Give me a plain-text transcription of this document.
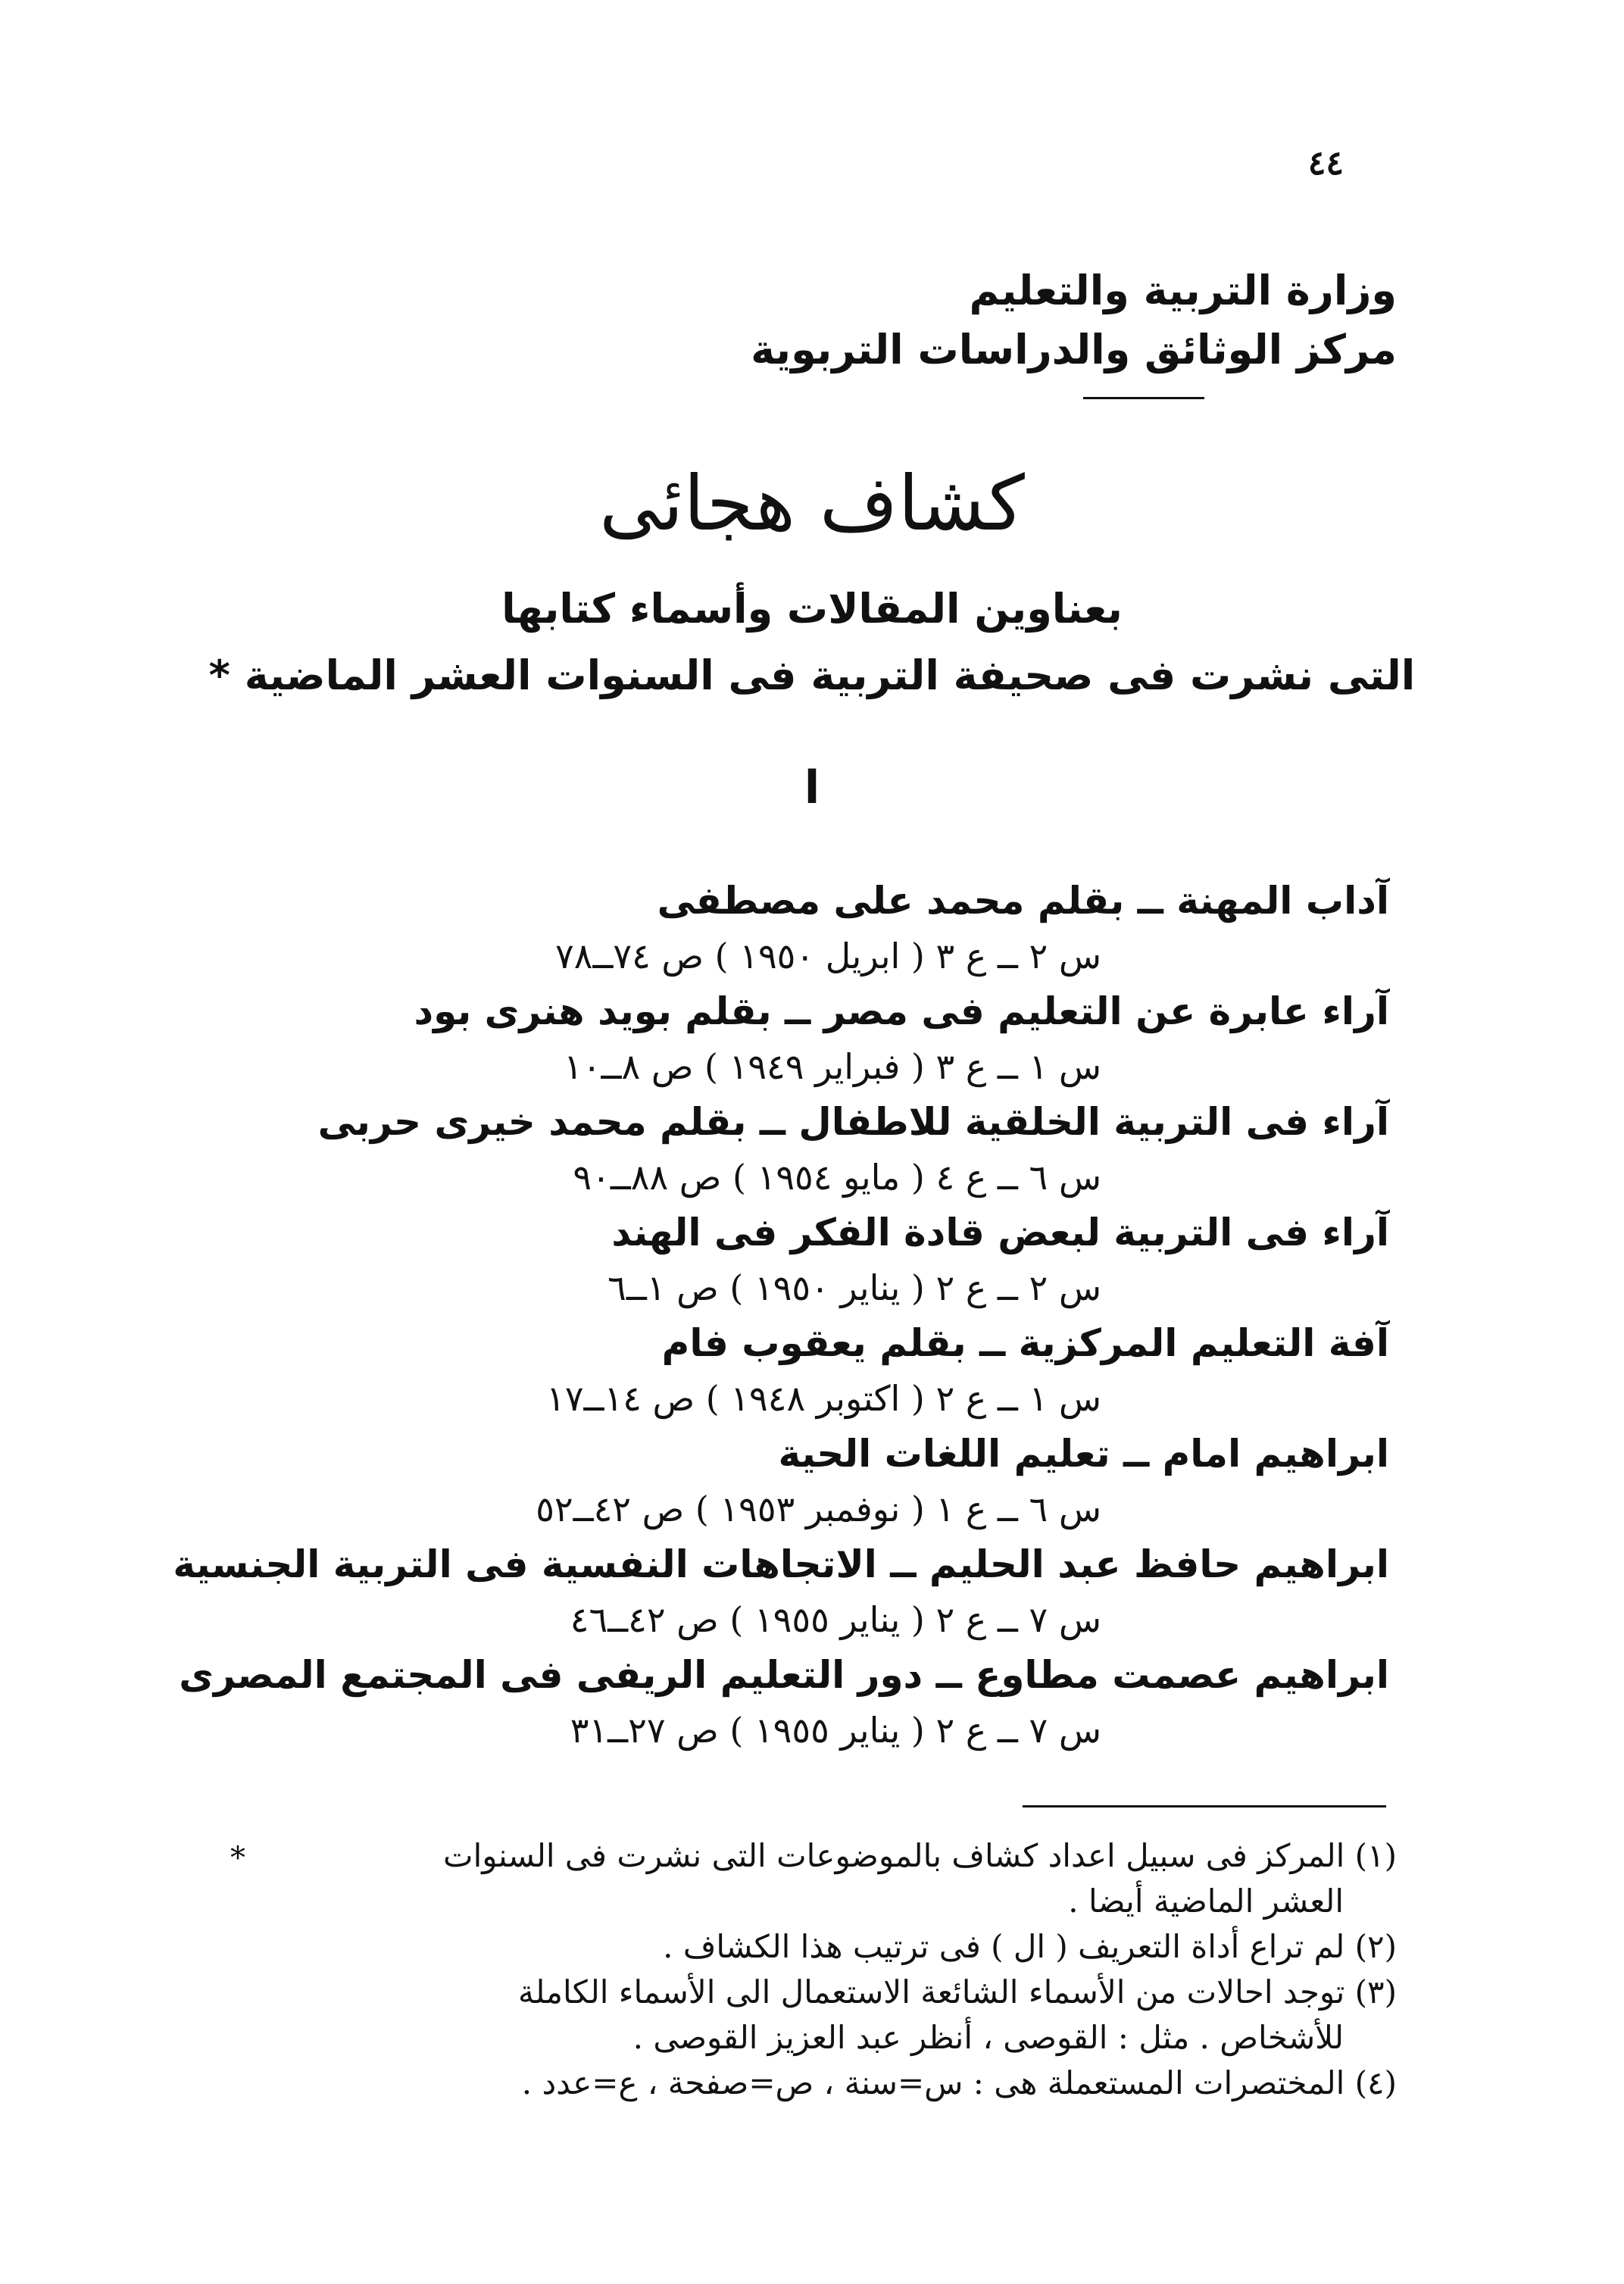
٤٤
وزارة التربية والتعليم
مركز الوثائق والدراسات التربوية
كشاف هجائى
بعناوين المقالات وأسماء كتابها
التى نشرت فى صحيفة التربية فى السنوات العشر الماضية *
ا
آداب المهنة ــ بقلم محمد على مصطفى
س ٢ ــ ع ٣ ( ابريل ١٩٥٠ ) ص ٧٤ــ٧٨
آراء عابرة عن التعليم فى مصر ــ بقلم بويد هنرى بود
س ١ ــ ع ٣ ( فبراير ١٩٤٩ ) ص ٨ــ١٠
آراء فى التربية الخلقية للاطفال ــ بقلم محمد خيرى حربى
س ٦ ــ ع ٤ ( مايو ١٩٥٤ ) ص ٨٨ــ٩٠
آراء فى التربية لبعض قادة الفكر فى الهند
س ٢ ــ ع ٢ ( يناير ١٩٥٠ ) ص ١ــ٦
آفة التعليم المركزية ــ بقلم يعقوب فام
س ١ ــ ع ٢ ( اكتوبر ١٩٤٨ ) ص ١٤ــ١٧
ابراهيم امام ــ تعليم اللغات الحية
س ٦ ــ ع ١ ( نوفمبر ١٩٥٣ ) ص ٤٢ــ٥٢
ابراهيم حافظ عبد الحليم ــ الاتجاهات النفسية فى التربية الجنسية
س ٧ ــ ع ٢ ( يناير ١٩٥٥ ) ص ٤٢ــ٤٦
ابراهيم عصمت مطاوع ــ دور التعليم الريفى فى المجتمع المصرى
س ٧ ــ ع ٢ ( يناير ١٩٥٥ ) ص ٢٧ــ٣١
*	(١) المركز فى سبيل اعداد كشاف بالموضوعات التى نشرت فى السنوات
العشر الماضية أيضا .
(٢) لم تراع أداة التعريف ( ال ) فى ترتيب هذا الكشاف .
(٣) توجد احالات من الأسماء الشائعة الاستعمال الى الأسماء الكاملة
للأشخاص . مثل : القوصى ، أنظر عبد العزيز القوصى .
(٤) المختصرات المستعملة هى : س=سنة ، ص=صفحة ، ع=عدد .
